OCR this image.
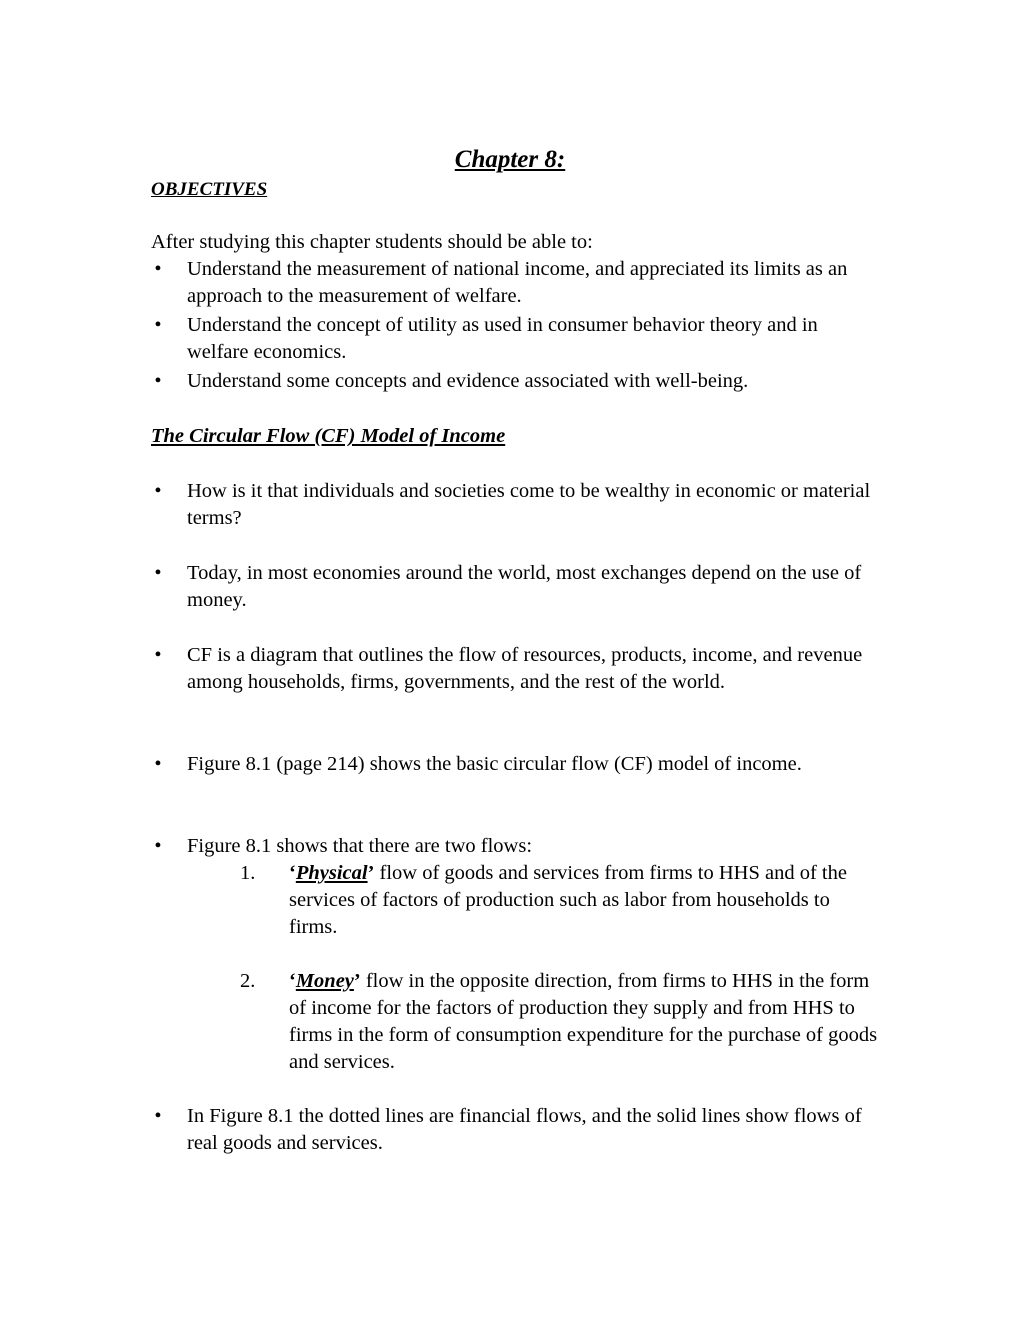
Chapter 8:
OBJECTIVES
After studying this chapter students should be able to:
• Understand the measurement of national income, and appreciated its limits as an approach to the measurement of welfare.
• Understand the concept of utility as used in consumer behavior theory and in welfare economics.
• Understand some concepts and evidence associated with well-being.
The Circular Flow (CF) Model of Income
• How is it that individuals and societies come to be wealthy in economic or material terms?
• Today, in most economies around the world, most exchanges depend on the use of money.
• CF is a diagram that outlines the flow of resources, products, income, and revenue among households, firms, governments, and the rest of the world.
• Figure 8.1 (page 214) shows the basic circular flow (CF) model of income.
• Figure 8.1 shows that there are two flows:
1. ‘Physical’ flow of goods and services from firms to HHS and of the services of factors of production such as labor from households to firms.
2. ‘Money’ flow in the opposite direction, from firms to HHS in the form of income for the factors of production they supply and from HHS to firms in the form of consumption expenditure for the purchase of goods and services.
• In Figure 8.1 the dotted lines are financial flows, and the solid lines show flows of real goods and services.
